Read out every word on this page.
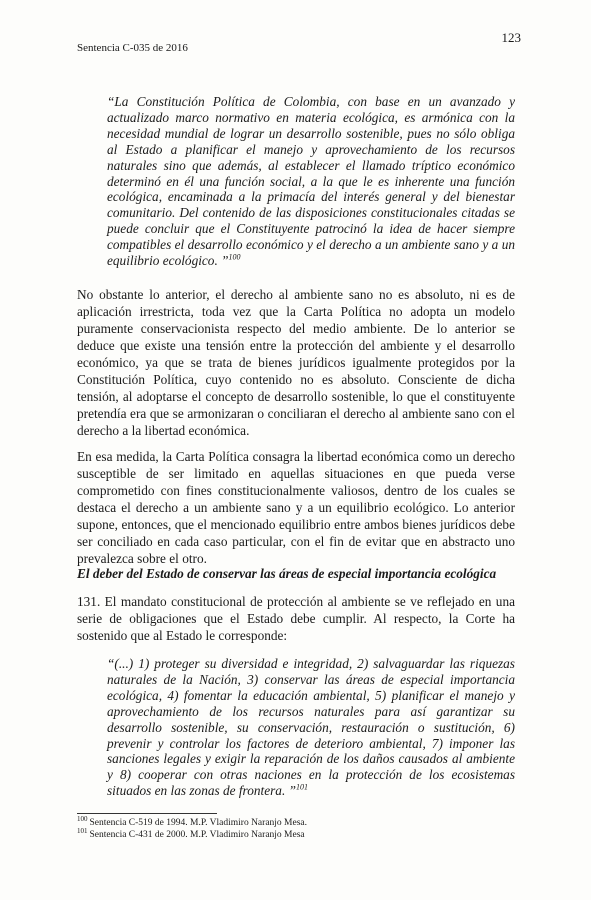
123
Sentencia C-035 de 2016

“La Constitución Política de Colombia, con base en un avanzado y actualizado marco normativo en materia ecológica, es armónica con la necesidad mundial de lograr un desarrollo sostenible, pues no sólo obliga al Estado a planificar el manejo y aprovechamiento de los recursos naturales sino que además, al establecer el llamado tríptico económico determinó en él una función social, a la que le es inherente una función ecológica, encaminada a la primacía del interés general y del bienestar comunitario. Del contenido de las disposiciones constitucionales citadas se puede concluir que el Constituyente patrocinó la idea de hacer siempre compatibles el desarrollo económico y el derecho a un ambiente sano y a un equilibrio ecológico. ”$^{100}$

No obstante lo anterior, el derecho al ambiente sano no es absoluto, ni es de aplicación irrestricta, toda vez que la Carta Política no adopta un modelo puramente conservacionista respecto del medio ambiente. De lo anterior se deduce que existe una tensión entre la protección del ambiente y el desarrollo económico, ya que se trata de bienes jurídicos igualmente protegidos por la Constitución Política, cuyo contenido no es absoluto. Consciente de dicha tensión, al adoptarse el concepto de desarrollo sostenible, lo que el constituyente pretendía era que se armonizaran o conciliaran el derecho al ambiente sano con el derecho a la libertad económica.

En esa medida, la Carta Política consagra la libertad económica como un derecho susceptible de ser limitado en aquellas situaciones en que pueda verse comprometido con fines constitucionalmente valiosos, dentro de los cuales se destaca el derecho a un ambiente sano y a un equilibrio ecológico. Lo anterior supone, entonces, que el mencionado equilibrio entre ambos bienes jurídicos debe ser conciliado en cada caso particular, con el fin de evitar que en abstracto uno prevalezca sobre el otro.

El deber del Estado de conservar las áreas de especial importancia ecológica

131. El mandato constitucional de protección al ambiente se ve reflejado en una serie de obligaciones que el Estado debe cumplir. Al respecto, la Corte ha sostenido que al Estado le corresponde:

“(...) 1) proteger su diversidad e integridad, 2) salvaguardar las riquezas naturales de la Nación, 3) conservar las áreas de especial importancia ecológica, 4) fomentar la educación ambiental, 5) planificar el manejo y aprovechamiento de los recursos naturales para así garantizar su desarrollo sostenible, su conservación, restauración o sustitución, 6) prevenir y controlar los factores de deterioro ambiental, 7) imponer las sanciones legales y exigir la reparación de los daños causados al ambiente y 8) cooperar con otras naciones en la protección de los ecosistemas situados en las zonas de frontera. ”$^{101}$

$^{100}$ Sentencia C-519 de 1994. M.P. Vladimiro Naranjo Mesa.

$^{101}$ Sentencia C-431 de 2000. M.P. Vladimiro Naranjo Mesa
